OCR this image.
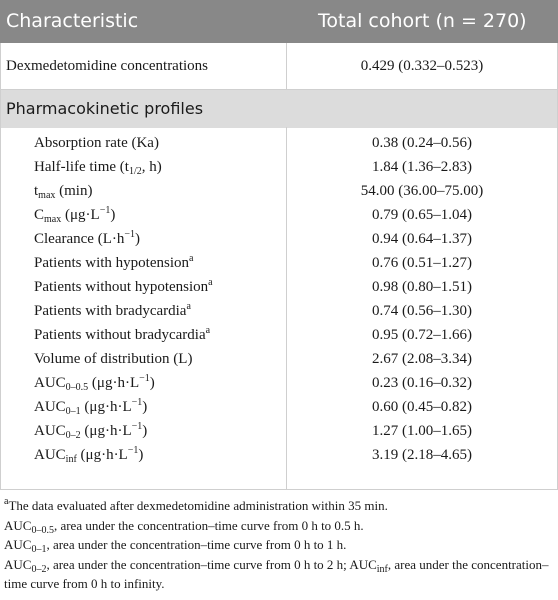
Characteristic	Total cohort (n = 270)
Dexmedetomidine concentrations	0.429 (0.332–0.523)
Pharmacokinetic profiles
Absorption rate (Ka)	0.38 (0.24–0.56)
Half-life time ($t_{1/2}$, h)	1.84 (1.36–2.83)
$t_{max}$ (min)	54.00 (36.00–75.00)
$C_{max}$ $(\mu g\cdot L^{-1})$	0.79 (0.65–1.04)
Clearance $(L\cdot h^{-1})$	0.94 (0.64–1.37)
Patients with hypotension$^a$	0.76 (0.51–1.27)
Patients without hypotension$^a$	0.98 (0.80–1.51)
Patients with bradycardia$^a$	0.74 (0.56–1.30)
Patients without bradycardia$^a$	0.95 (0.72–1.66)
Volume of distribution (L)	2.67 (2.08–3.34)
$AUC_{0-0.5}$ $(\mu g\cdot h\cdot L^{-1})$	0.23 (0.16–0.32)
$AUC_{0-1}$ $(\mu g\cdot h\cdot L^{-1})$	0.60 (0.45–0.82)
$AUC_{0-2}$ $(\mu g\cdot h\cdot L^{-1})$	1.27 (1.00–1.65)
$AUC_{inf}$ $(\mu g\cdot h\cdot L^{-1})$	3.19 (2.18–4.65)

$^a$The data evaluated after dexmedetomidine administration within 35 min.

$AUC_{0-0.5}$, area under the concentration–time curve from 0 h to 0.5 h.

$AUC_{0-1}$, area under the concentration–time curve from 0 h to 1 h.

$AUC_{0-2}$, area under the concentration–time curve from 0 h to 2 h; $AUC_{inf}$, area under the concentration–time curve from 0 h to infinity.
